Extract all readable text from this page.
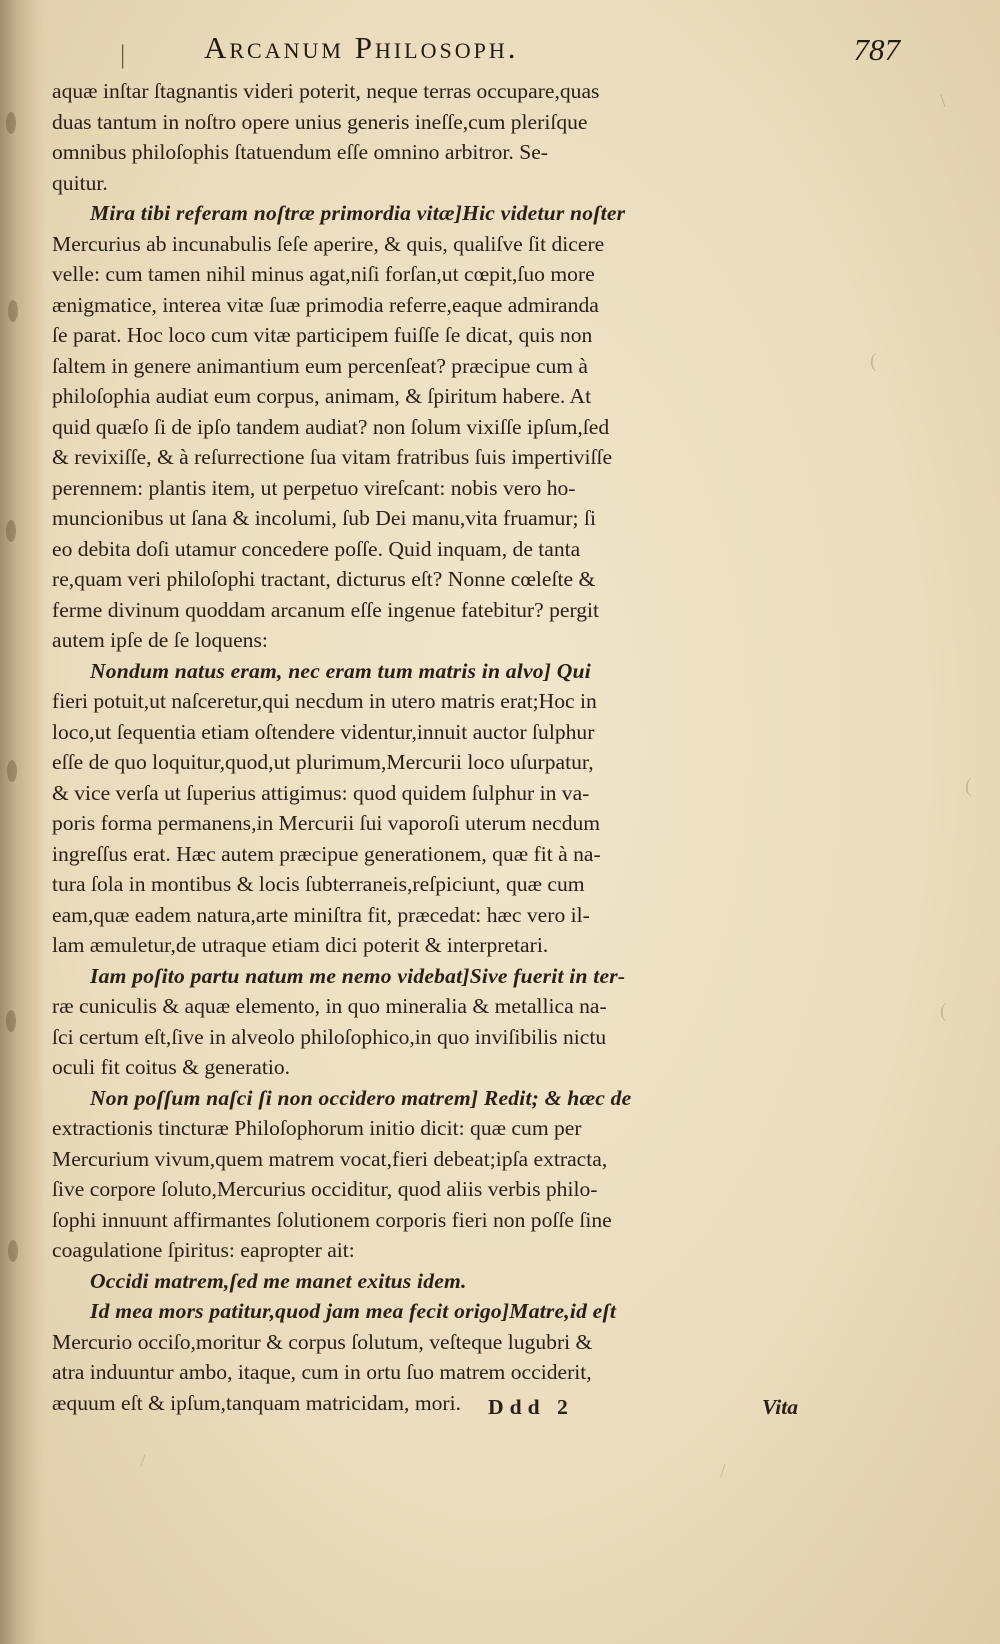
|	Arcanum Philosoph.	787
aquæ inſtar ſtagnantis videri poterit, neque terras occupare,quas
duas tantum in noſtro opere unius generis ineſſe,cum pleriſque
omnibus philoſophis ſtatuendum eſſe omnino arbitror. Se-
quitur.
Mira tibi referam noſtræ primordia vitæ]Hic videtur noſter
Mercurius ab incunabulis ſeſe aperire, & quis, qualiſve ſit dicere
velle: cum tamen nihil minus agat,niſi forſan,ut cœpit,ſuo more
ænigmatice, interea vitæ ſuæ primodia referre,eaque admiranda
ſe parat. Hoc loco cum vitæ participem fuiſſe ſe dicat, quis non
ſaltem in genere animantium eum percenſeat? præcipue cum à
philoſophia audiat eum corpus, animam, & ſpiritum habere. At
quid quæſo ſi de ipſo tandem audiat? non ſolum vixiſſe ipſum,ſed
& revixiſſe, & à reſurrectione ſua vitam fratribus ſuis impertiviſſe
perennem: plantis item, ut perpetuo vireſcant: nobis vero ho-
muncionibus ut ſana & incolumi, ſub Dei manu,vita fruamur; ſi
eo debita doſi utamur concedere poſſe. Quid inquam, de tanta
re,quam veri philoſophi tractant, dicturus eſt? Nonne cœleſte &
ferme divinum quoddam arcanum eſſe ingenue fatebitur? pergit
autem ipſe de ſe loquens:
Nondum natus eram, nec eram tum matris in alvo] Qui
fieri potuit,ut naſceretur,qui necdum in utero matris erat;Hoc in
loco,ut ſequentia etiam oſtendere videntur,innuit auctor ſulphur
eſſe de quo loquitur,quod,ut plurimum,Mercurii loco uſurpatur,
& vice verſa ut ſuperius attigimus: quod quidem ſulphur in va-
poris forma permanens,in Mercurii ſui vaporoſi uterum necdum
ingreſſus erat. Hæc autem præcipue generationem, quæ fit à na-
tura ſola in montibus & locis ſubterraneis,reſpiciunt, quæ cum
eam,quæ eadem natura,arte miniſtra fit, præcedat: hæc vero il-
lam æmuletur,de utraque etiam dici poterit & interpretari.
Iam poſito partu natum me nemo videbat]Sive fuerit in ter-
ræ cuniculis & aquæ elemento, in quo mineralia & metallica na-
ſci certum eſt,ſive in alveolo philoſophico,in quo inviſibilis nictu
oculi fit coitus & generatio.
Non poſſum naſci ſi non occidero matrem] Redit; & hæc de
extractionis tincturæ Philoſophorum initio dicit: quæ cum per
Mercurium vivum,quem matrem vocat,fieri debeat;ipſa extracta,
ſive corpore ſoluto,Mercurius occiditur, quod aliis verbis philo-
ſophi innuunt affirmantes ſolutionem corporis fieri non poſſe ſine
coagulatione ſpiritus: eapropter ait:
Occidi matrem,ſed me manet exitus idem.
Id mea mors patitur,quod jam mea fecit origo]Matre,id eſt
Mercurio occiſo,moritur & corpus ſolutum, veſteque lugubri &
atra induuntur ambo, itaque, cum in ortu ſuo matrem occiderit,
æquum eſt & ipſum,tanquam matricidam, mori.	Ddd 2	Vita
\
(
(
(
/	/
